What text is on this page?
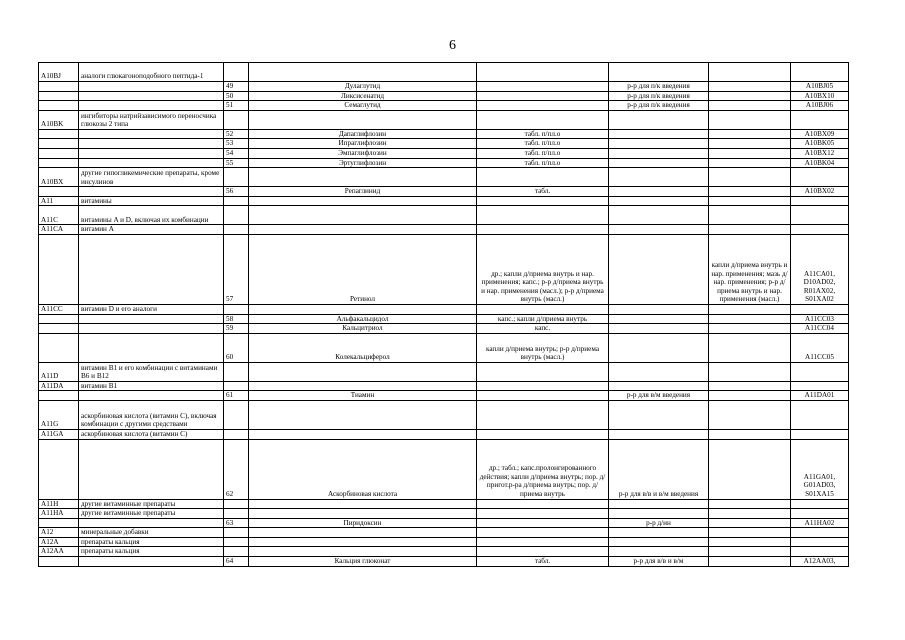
6
A10BJ	аналоги глюкагоноподобного пептида-1						
		49	Дулаглутид		р-р для п/к введения		A10BJ05
		50	Ликсисенатид		р-р для п/к введения		A10BX10
		51	Семаглутид		р-р для п/к введения		A10BJ06
A10BK	ингибиторы натрийзависимого переносчика глюкозы 2 типа						
		52	Дапаглифлозин	табл. п/пл.о			A10BX09
		53	Ипраглифлозин	табл. п/пл.о			A10BK05
		54	Эмпаглифлозин	табл. п/пл.о			A10BX12
		55	Эртуглифлозин	табл. п/пл.о			A10BK04
A10BX	другие гипогликемические препараты, кроме инсулинов						
		56	Репаглинид	табл.			A10BX02
A11	витамины						
A11C	витамины A и D, включая их комбинации						
A11CA	витамин A						
		57	Ретинол	др.; капли д/приема внутрь и нар. применения; капс.; р-р д/приема внутрь и нар. применения (масл.); р-р д/приема внутрь (масл.)		капли д/приема внутрь и нар. применения; мазь д/нар. применения; р-р д/приема внутрь и нар. применения (масл.)	A11CA01, D10AD02, R01AX02, S01XA02
A11CC	витамин D и его аналоги						
		58	Альфакальцидол	капс.; капли д/приема внутрь			A11CC03
		59	Кальцитриол	капс.			A11CC04
		60	Колекальциферол	капли д/приема внутрь; р-р д/приема внутрь (масл.)			A11CC05
A11D	витамин B1 и его комбинации с витаминами B6 и B12						
A11DA	витамин B1						
		61	Тиамин		р-р для в/м введения		A11DA01
A11G	аскорбиновая кислота (витамин C), включая комбинации с другими средствами						
A11GA	аскорбиновая кислота (витамин C)						
		62	Аскорбиновая кислота	др.; табл.; капс.пролонгированного действия; капли д/приема внутрь; пор. д/пригот.р-ра д/приема внутрь; пор. д/приема внутрь	р-р для в/в и в/м введения		A11GA01, G01AD03, S01XA15
A11H	другие витаминные препараты						
A11HA	другие витаминные препараты						
		63	Пиридоксин		р-р д/ин		A11HA02
A12	минеральные добавки						
A12A	препараты кальция						
A12AA	препараты кальция						
		64	Кальция глюконат	табл.	р-р для в/в и в/м		A12AA03,
